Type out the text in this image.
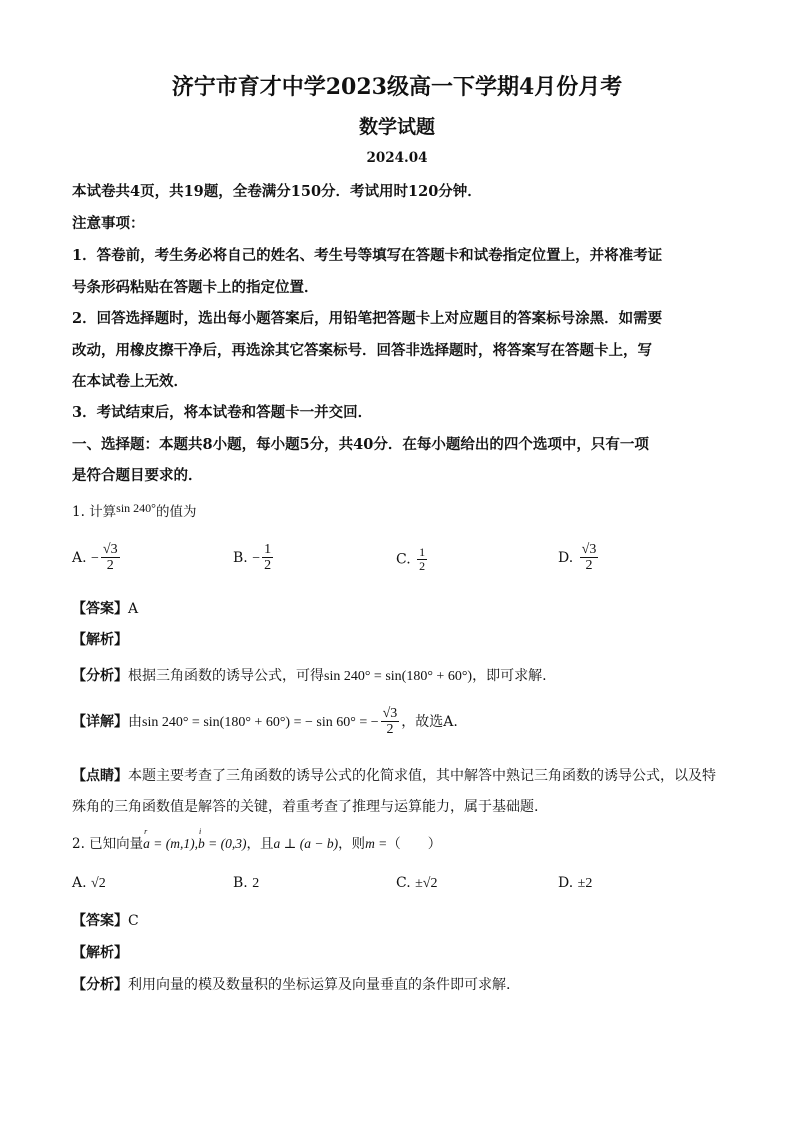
济宁市育才中学2023级高一下学期4月份月考
数学试题
2024.04
本试卷共4页，共19题，全卷满分150分．考试用时120分钟．
注意事项：
1．答卷前，考生务必将自己的姓名、考生号等填写在答题卡和试卷指定位置上，并将准考证
号条形码粘贴在答题卡上的指定位置．
2．回答选择题时，选出每小题答案后，用铅笔把答题卡上对应题目的答案标号涂黑．如需要
改动，用橡皮擦干净后，再选涂其它答案标号．回答非选择题时，将答案写在答题卡上，写
在本试卷上无效．
3．考试结束后，将本试卷和答题卡一并交回．
一、选择题：本题共8小题，每小题5分，共40分．在每小题给出的四个选项中，只有一项
是符合题目要求的．
1. 计算sin 240°的值为
A. − $\frac{√3}{2}$	B. − $\frac{1}{2}$	C. $\frac{1}{2}$	D. $\frac{√3}{2}$
【答案】A
【解析】
【分析】根据三角函数的诱导公式，可得sin 240° = sin(180° + 60°)，即可求解.
【详解】由sin 240° = sin(180° + 60°) = − sin 60° = − $\frac{√3}{2}$ ，故选A.
【点睛】本题主要考查了三角函数的诱导公式的化简求值，其中解答中熟记三角函数的诱导公式，以及特
殊角的三角函数值是解答的关键，着重考查了推理与运算能力，属于基础题.
2. 已知向量
r
a = (m,1),
i
b = (0,3)，且a ⊥ (a − b)，则m =（　　）
A. √2	B. 2	C. ±√2	D. ±2
【答案】C
【解析】
【分析】利用向量的模及数量积的坐标运算及向量垂直的条件即可求解.
